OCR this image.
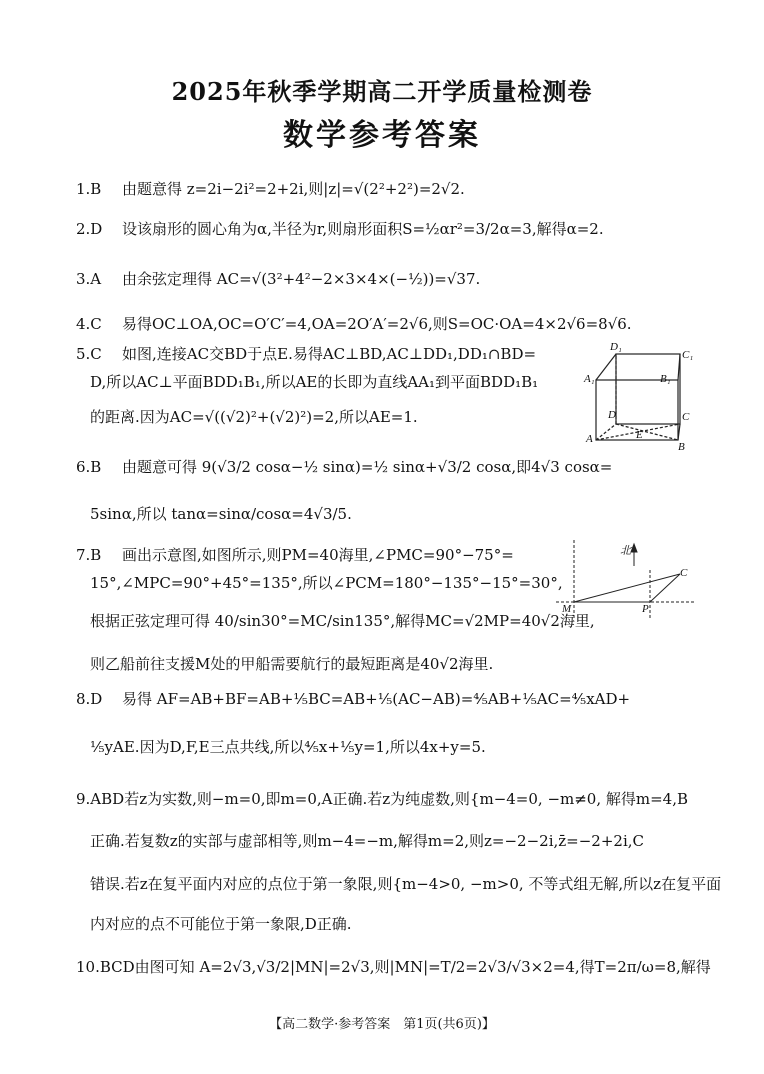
2025年秋季学期高二开学质量检测卷
数学参考答案
1.B 由题意得 z=2i−2i²=2+2i,则|z|=√(2²+2²)=2√2.
2.D 设该扇形的圆心角为α,半径为r,则扇形面积S=½αr²=3/2α=3,解得α=2.
3.A 由余弦定理得 AC=√(3²+4²−2×3×4×(−½))=√37.
4.C 易得OC⊥OA,OC=O′C′=4,OA=2O′A′=2√6,则S=OC·OA=4×2√6=8√6.
5.C 如图,连接AC交BD于点E.易得AC⊥BD,AC⊥DD₁,DD₁∩BD=
D,所以AC⊥平面BDD₁B₁,所以AE的长即为直线AA₁到平面BDD₁B₁
的距离.因为AC=√((√2)²+(√2)²)=2,所以AE=1.
D₁
C₁
A₁	B₁
D	C
A
B
E
6.B 由题意可得 9(√3/2 cosα−½ sinα)=½ sinα+√3/2 cosα,即4√3 cosα=
5sinα,所以 tanα=sinα/cosα=4√3/5.
7.B 画出示意图,如图所示,则PM=40海里,∠PMC=90°−75°=
15°,∠MPC=90°+45°=135°,所以∠PCM=180°−135°−15°=30°,
根据正弦定理可得 40/sin30°=MC/sin135°,解得MC=√2MP=40√2海里,
则乙船前往支援M处的甲船需要航行的最短距离是40√2海里.
北
C
M	P
8.D 易得 AF=AB+BF=AB+⅕BC=AB+⅕(AC−AB)=⅘AB+⅕AC=⅘xAD+
⅕yAE.因为D,F,E三点共线,所以⅘x+⅕y=1,所以4x+y=5.
9.ABD若z为实数,则−m=0,即m=0,A正确.若z为纯虚数,则{m−4=0, −m≠0, 解得m=4,B
正确.若复数z的实部与虚部相等,则m−4=−m,解得m=2,则z=−2−2i,z̄=−2+2i,C
错误.若z在复平面内对应的点位于第一象限,则{m−4>0, −m>0, 不等式组无解,所以z在复平面
内对应的点不可能位于第一象限,D正确.
10.BCD由图可知 A=2√3,√3/2|MN|=2√3,则|MN|=T/2=2√3/√3×2=4,得T=2π/ω=8,解得
【高二数学·参考答案　第1页(共6页)】
